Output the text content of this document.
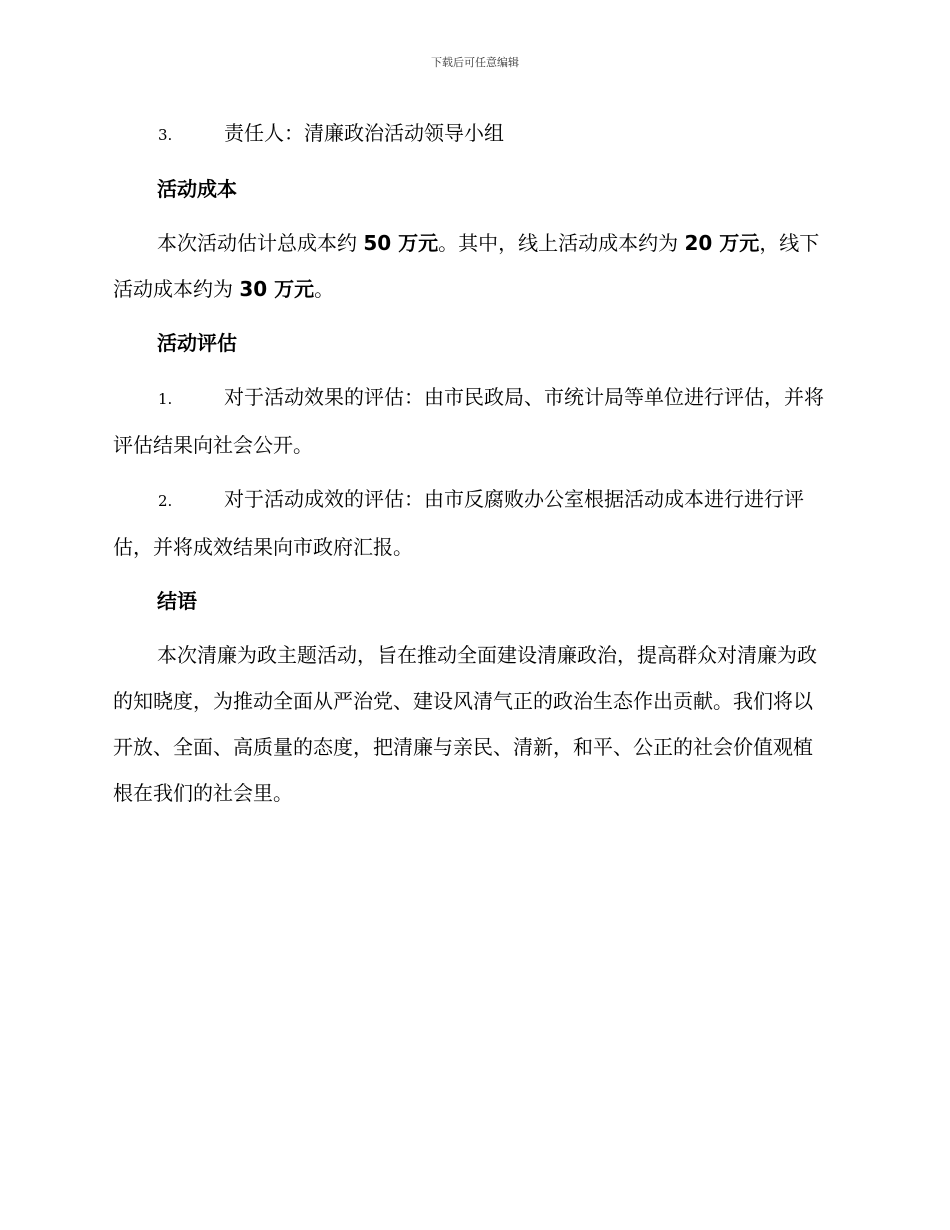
下载后可任意编辑

3.	责任人：清廉政治活动领导小组

活动成本

本次活动估计总成本约 50 万元。其中，线上活动成本约为 20 万元，线下活动成本约为 30 万元。

活动评估

1.	对于活动效果的评估：由市民政局、市统计局等单位进行评估，并将评估结果向社会公开。

2.	对于活动成效的评估：由市反腐败办公室根据活动成本进行进行评估，并将成效结果向市政府汇报。

结语

本次清廉为政主题活动，旨在推动全面建设清廉政治，提高群众对清廉为政的知晓度，为推动全面从严治党、建设风清气正的政治生态作出贡献。我们将以开放、全面、高质量的态度，把清廉与亲民、清新，和平、公正的社会价值观植根在我们的社会里。
